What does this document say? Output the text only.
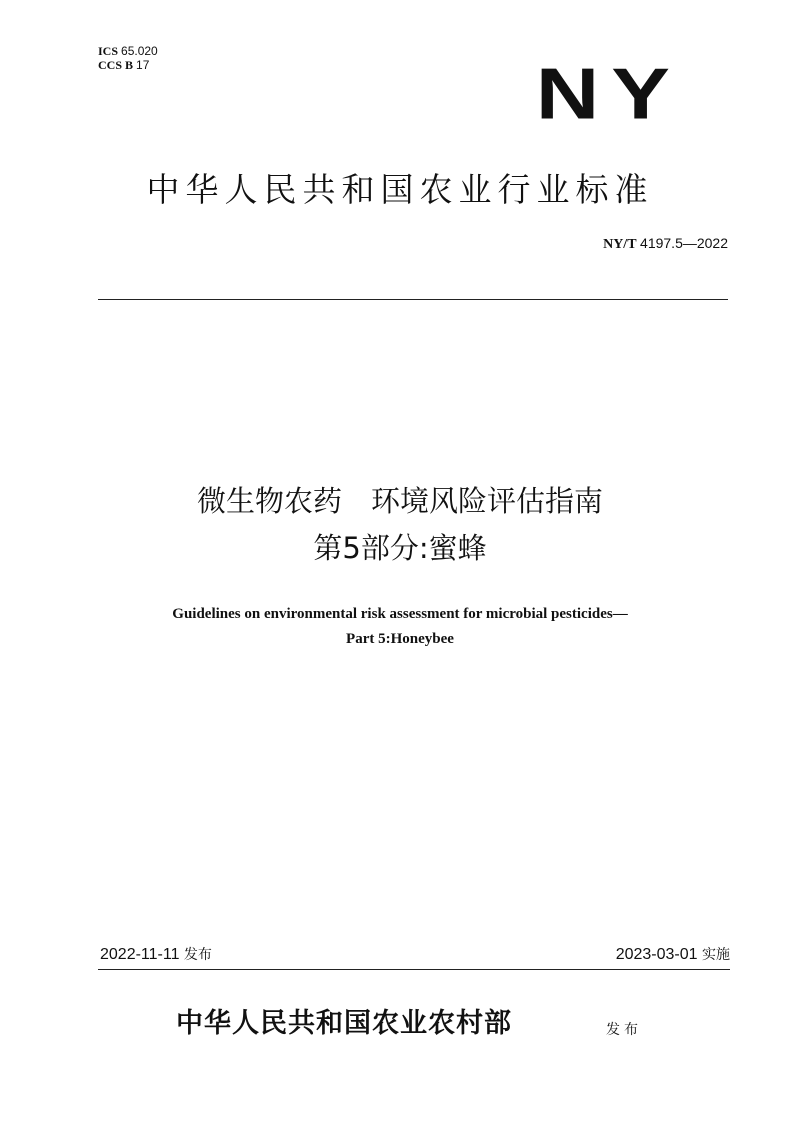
ICS 65.020
CCS B 17	NY
中华人民共和国农业行业标准
NY/T 4197.5—2022
微生物农药　环境风险评估指南
第5部分:蜜蜂
Guidelines on environmental risk assessment for microbial pesticides—
Part 5:Honeybee
2022-11-11 发布	2023-03-01 实施
中华人民共和国农业农村部	发布
